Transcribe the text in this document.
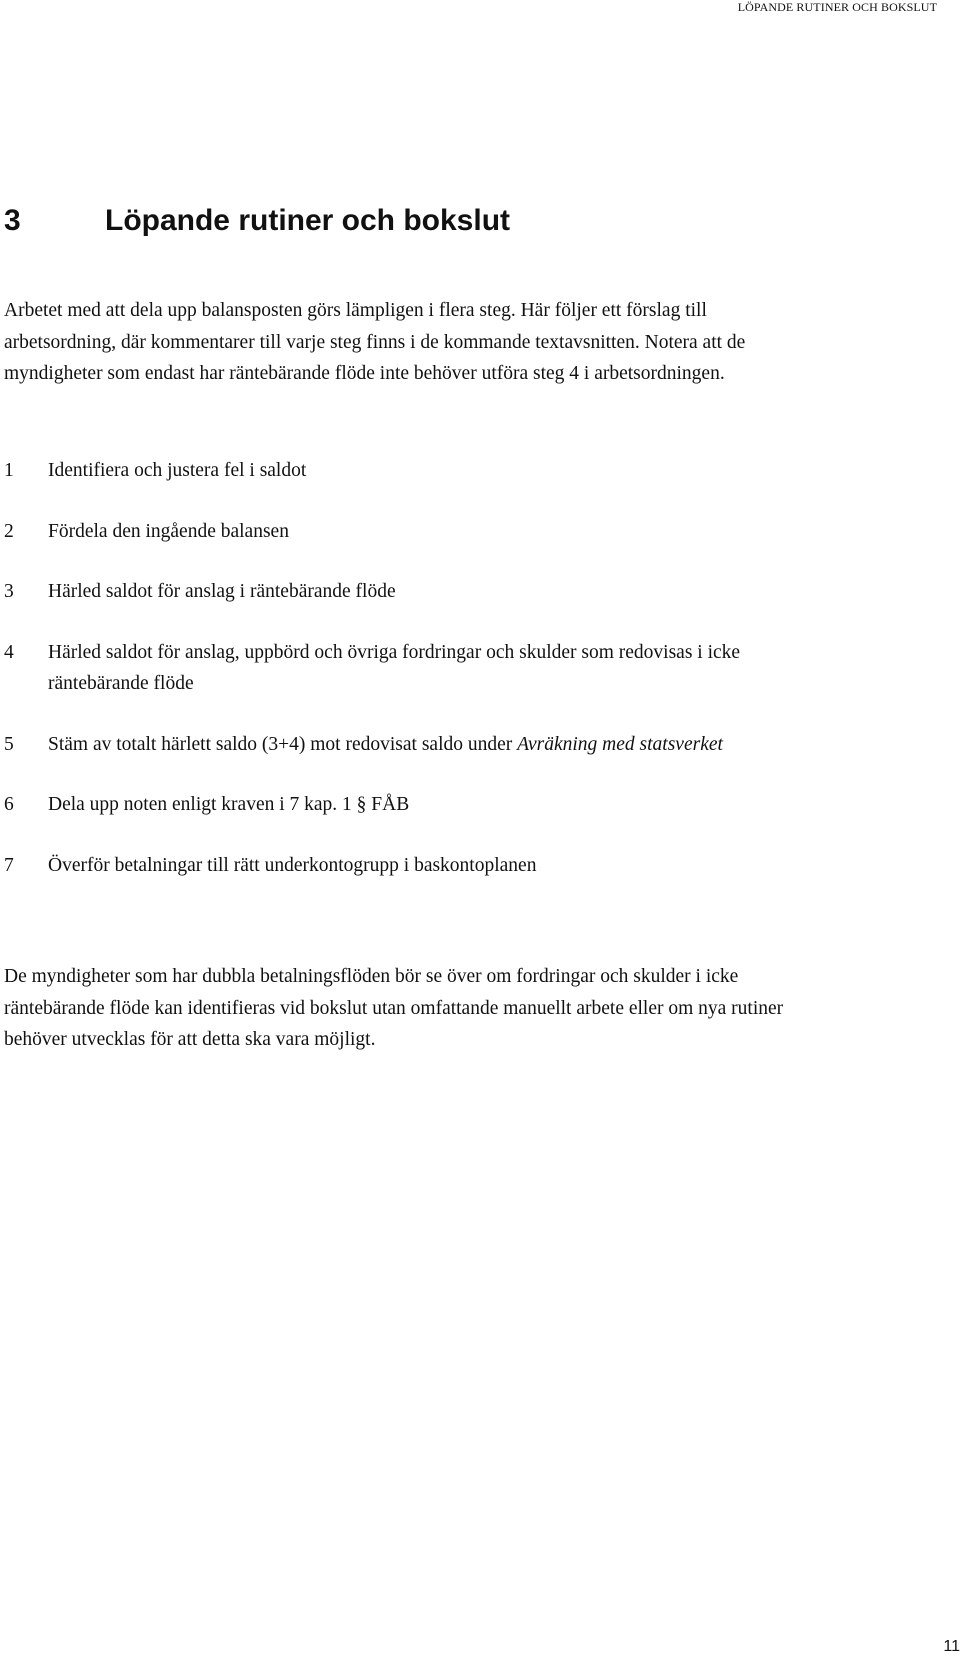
LÖPANDE RUTINER OCH BOKSLUT
3	Löpande rutiner och bokslut

Arbetet med att dela upp balansposten görs lämpligen i flera steg. Här följer ett förslag till arbetsordning, där kommentarer till varje steg finns i de kommande textavsnitten. Notera att de myndigheter som endast har räntebärande flöde inte behöver utföra steg 4 i arbetsordningen.

1	Identifiera och justera fel i saldot
2	Fördela den ingående balansen
3	Härled saldot för anslag i räntebärande flöde
4	Härled saldot för anslag, uppbörd och övriga fordringar och skulder som redovisas i icke räntebärande flöde
5	Stäm av totalt härlett saldo (3+4) mot redovisat saldo under Avräkning med statsverket
6	Dela upp noten enligt kraven i 7 kap. 1 § FÅB
7	Överför betalningar till rätt underkontogrupp i baskontoplanen

De myndigheter som har dubbla betalningsflöden bör se över om fordringar och skulder i icke räntebärande flöde kan identifieras vid bokslut utan omfattande manuellt arbete eller om nya rutiner behöver utvecklas för att detta ska vara möjligt.

11
